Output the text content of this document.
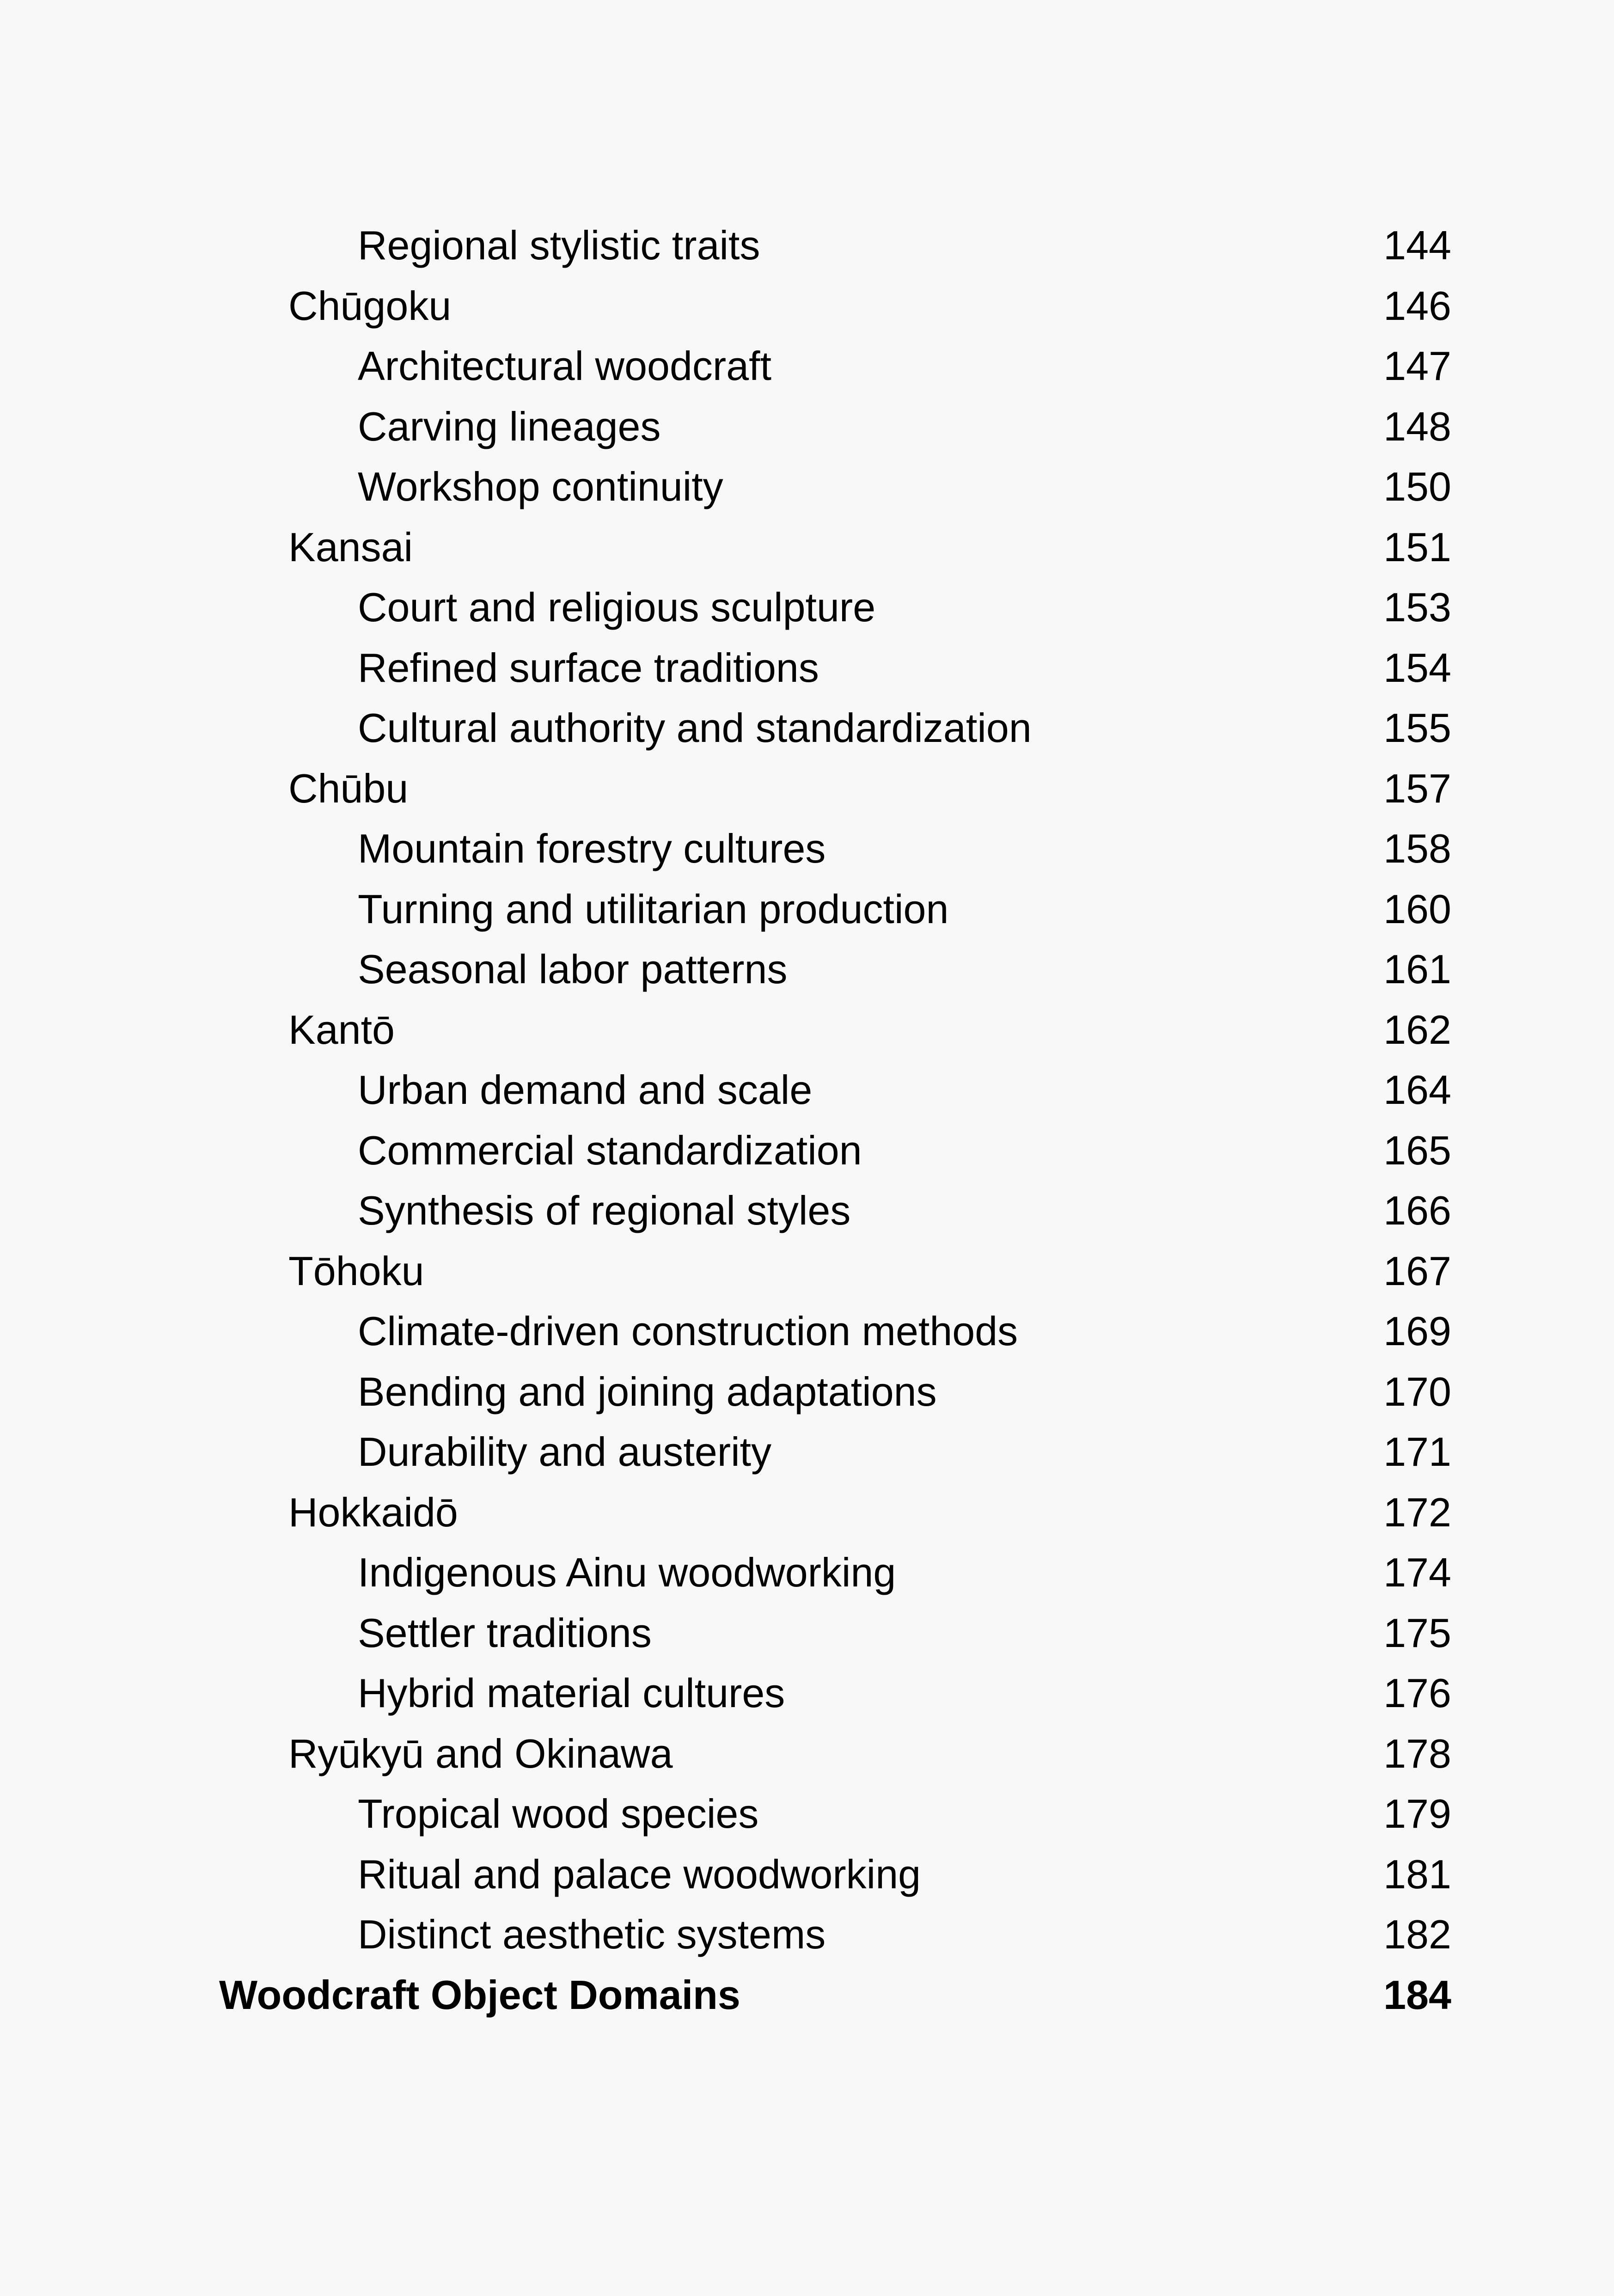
Regional stylistic traits	144
Chūgoku	146
Architectural woodcraft	147
Carving lineages	148
Workshop continuity	150
Kansai	151
Court and religious sculpture	153
Refined surface traditions	154
Cultural authority and standardization	155
Chūbu	157
Mountain forestry cultures	158
Turning and utilitarian production	160
Seasonal labor patterns	161
Kantō	162
Urban demand and scale	164
Commercial standardization	165
Synthesis of regional styles	166
Tōhoku	167
Climate-driven construction methods	169
Bending and joining adaptations	170
Durability and austerity	171
Hokkaidō	172
Indigenous Ainu woodworking	174
Settler traditions	175
Hybrid material cultures	176
Ryūkyū and Okinawa	178
Tropical wood species	179
Ritual and palace woodworking	181
Distinct aesthetic systems	182
Woodcraft Object Domains	184
